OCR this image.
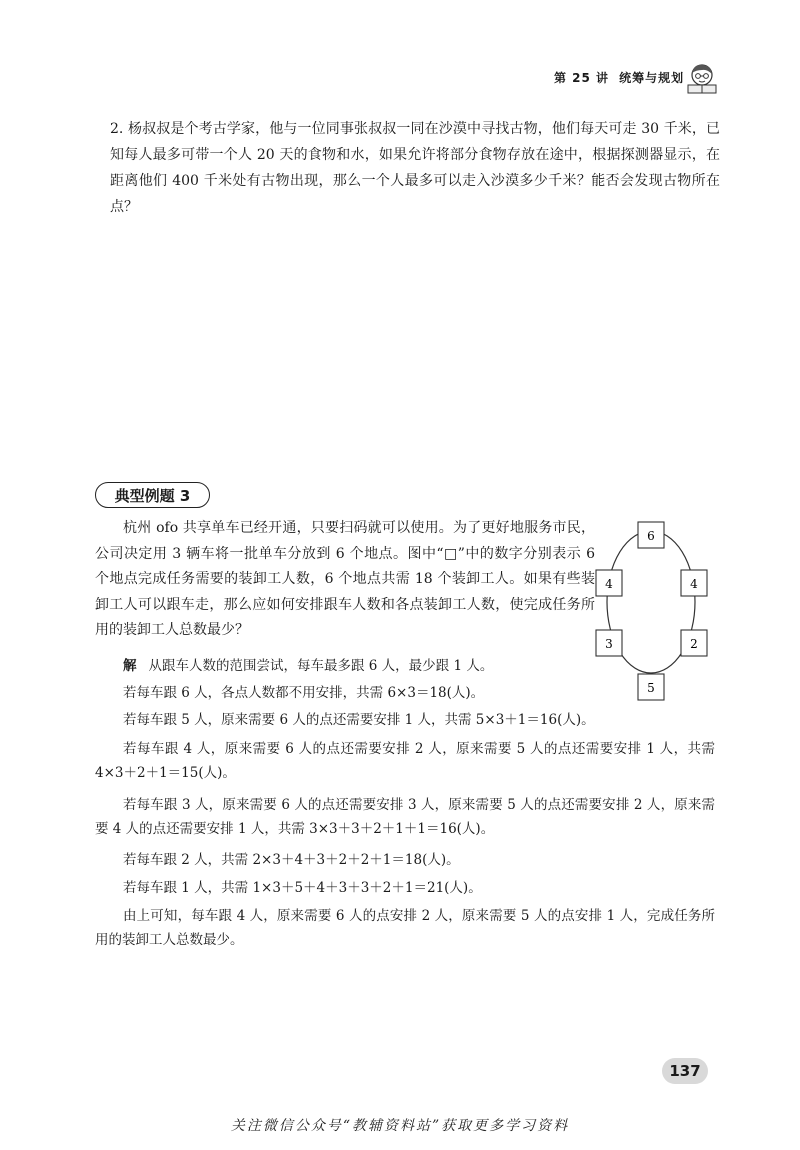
第 25 讲 统筹与规划
2. 杨叔叔是个考古学家，他与一位同事张叔叔一同在沙漠中寻找古物，他们每天可走 30 千米，已知每人最多可带一个人 20 天的食物和水，如果允许将部分食物存放在途中，根据探测器显示，在距离他们 400 千米处有古物出现，那么一个人最多可以走入沙漠多少千米？能否会发现古物所在点？
典型例题 3
杭州 ofo 共享单车已经开通，只要扫码就可以使用。为了更好地服务市民，公司决定用 3 辆车将一批单车分放到 6 个地点。图中“□”中的数字分别表示 6 个地点完成任务需要的装卸工人数，6 个地点共需 18 个装卸工人。如果有些装卸工人可以跟车走，那么应如何安排跟车人数和各点装卸工人数，使完成任务所用的装卸工人总数最少？
6
4	4
3	2
5
解 从跟车人数的范围尝试，每车最多跟 6 人，最少跟 1 人。
若每车跟 6 人，各点人数都不用安排，共需 6×3＝18(人)。
若每车跟 5 人，原来需要 6 人的点还需要安排 1 人，共需 5×3＋1＝16(人)。
若每车跟 4 人，原来需要 6 人的点还需要安排 2 人，原来需要 5 人的点还需要安排 1 人，共需 4×3＋2＋1＝15(人)。
若每车跟 3 人，原来需要 6 人的点还需要安排 3 人，原来需要 5 人的点还需要安排 2 人，原来需要 4 人的点还需要安排 1 人，共需 3×3＋3＋2＋1＋1＝16(人)。
若每车跟 2 人，共需 2×3＋4＋3＋2＋2＋1＝18(人)。
若每车跟 1 人，共需 1×3＋5＋4＋3＋3＋2＋1＝21(人)。
由上可知，每车跟 4 人，原来需要 6 人的点安排 2 人，原来需要 5 人的点安排 1 人，完成任务所用的装卸工人总数最少。
137
关注微信公众号“教辅资料站”获取更多学习资料
